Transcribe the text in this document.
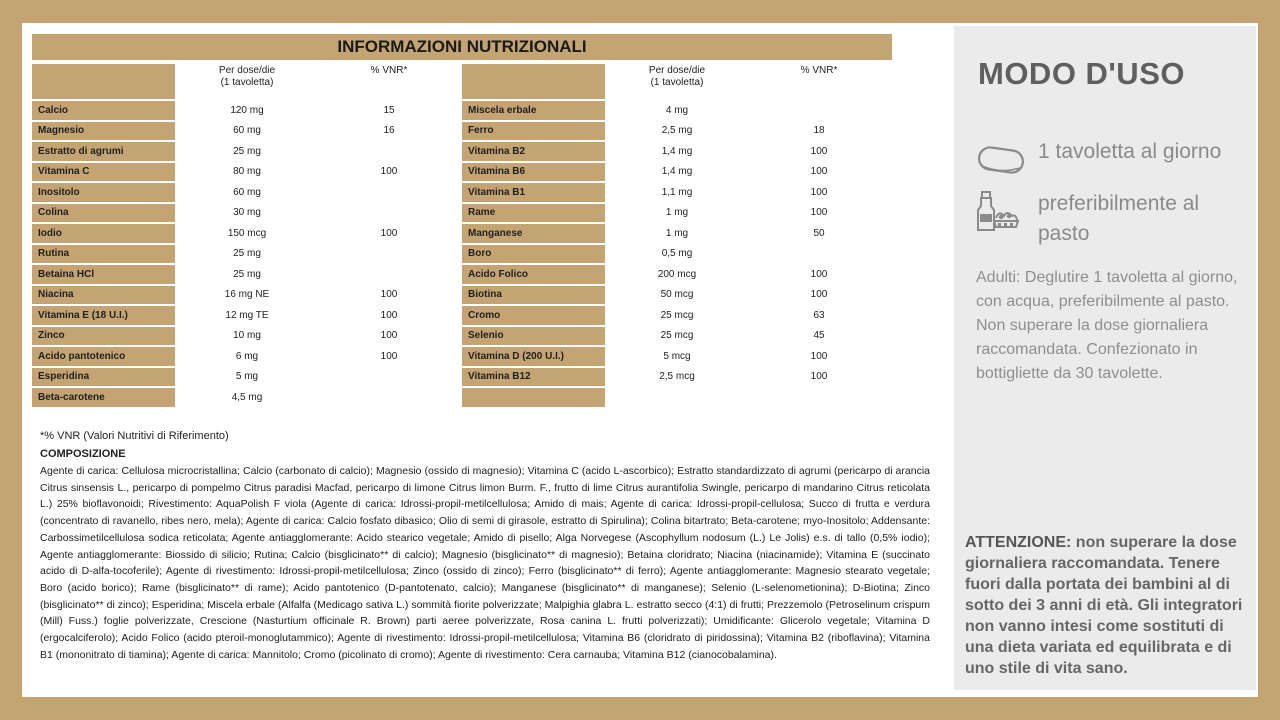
INFORMAZIONI NUTRIZIONALI
	Per dose/die
(1 tavoletta)	% VNR*
Calcio	120 mg	15
Magnesio	60 mg	16
Estratto di agrumi	25 mg	
Vitamina C	80 mg	100
Inositolo	60 mg	
Colina	30 mg	
Iodio	150 mcg	100
Rutina	25 mg	
Betaina HCl	25 mg	
Niacina	16 mg NE	100
Vitamina E (18 U.I.)	12 mg TE	100
Zinco	10 mg	100
Acido pantotenico	6 mg	100
Esperidina	5 mg	
Beta-carotene	4,5 mg	
	Per dose/die
(1 tavoletta)	% VNR*
Miscela erbale	4 mg	
Ferro	2,5 mg	18
Vitamina B2	1,4 mg	100
Vitamina B6	1,4 mg	100
Vitamina B1	1,1 mg	100
Rame	1 mg	100
Manganese	1 mg	50
Boro	0,5 mg	
Acido Folico	200 mcg	100
Biotina	50 mcg	100
Cromo	25 mcg	63
Selenio	25 mcg	45
Vitamina D (200 U.I.)	5 mcg	100
Vitamina B12	2,5 mcg	100

*% VNR (Valori Nutritivi di Riferimento)
COMPOSIZIONE
Agente di carica: Cellulosa microcristallina; Calcio (carbonato di calcio); Magnesio (ossido di magnesio); Vitamina C (acido L-ascorbico); Estratto standardizzato di agrumi (pericarpo di arancia Citrus sinsensis L., pericarpo di pompelmo Citrus paradisi Macfad, pericarpo di limone Citrus limon Burm. F., frutto di lime Citrus aurantifolia Swingle, pericarpo di mandarino Citrus reticolata L.) 25% bioflavonoidi; Rivestimento: AquaPolish F viola (Agente di carica: Idrossi-propil-metilcellulosa; Amido di mais; Agente di carica: Idrossi-propil-cellulosa; Succo di frutta e verdura (concentrato di ravanello, ribes nero, mela); Agente di carica: Calcio fosfato dibasico; Olio di semi di girasole, estratto di Spirulina); Colina bitartrato; Beta-carotene; myo-Inositolo; Addensante: Carbossimetilcellulosa sodica reticolata; Agente antiagglomerante: Acido stearico vegetale; Amido di pisello; Alga Norvegese (Ascophyllum nodosum (L.) Le Jolis) e.s. di tallo (0,5% iodio); Agente antiagglomerante: Biossido di silicio; Rutina; Calcio (bisglicinato** di calcio); Magnesio (bisglicinato** di magnesio); Betaina cloridrato; Niacina (niacinamide); Vitamina E (succinato acido di D-alfa-tocoferile); Agente di rivestimento: Idrossi-propil-metilcellulosa; Zinco (ossido di zinco); Ferro (bisglicinato** di ferro); Agente antiagglomerante: Magnesio stearato vegetale; Boro (acido borico); Rame (bisglicinato** di rame); Acido pantotenico (D-pantotenato, calcio); Manganese (bisglicinato** di manganese); Selenio (L-selenometionina); D-Biotina; Zinco (bisglicinato** di zinco); Esperidina; Miscela erbale (Alfalfa (Medicago sativa L.) sommità fiorite polverizzate; Malpighia glabra L. estratto secco (4:1) di frutti; Prezzemolo (Petroselinum crispum (Mill) Fuss.) foglie polverizzate, Crescione (Nasturtium officinale R. Brown) parti aeree polverizzate, Rosa canina L. frutti polverizzati); Umidificante: Glicerolo vegetale; Vitamina D (ergocalciferolo); Acido Folico (acido pteroil-monoglutammico); Agente di rivestimento: Idrossi-propil-metilcellulosa; Vitamina B6 (cloridrato di piridossina); Vitamina B2 (riboflavina); Vitamina B1 (mononitrato di tiamina); Agente di carica: Mannitolo; Cromo (picolinato di cromo); Agente di rivestimento: Cera carnauba; Vitamina B12 (cianocobalamina).
MODO D'USO
1 tavoletta al giorno
preferibilmente al pasto
Adulti: Deglutire 1 tavoletta al giorno, con acqua, preferibilmente al pasto. Non superare la dose giornaliera raccomandata. Confezionato in bottigliette da 30 tavolette.
ATTENZIONE: non superare la dose giornaliera raccomandata. Tenere fuori dalla portata dei bambini al di sotto dei 3 anni di età. Gli integratori non vanno intesi come sostituti di una dieta variata ed equilibrata e di uno stile di vita sano.
